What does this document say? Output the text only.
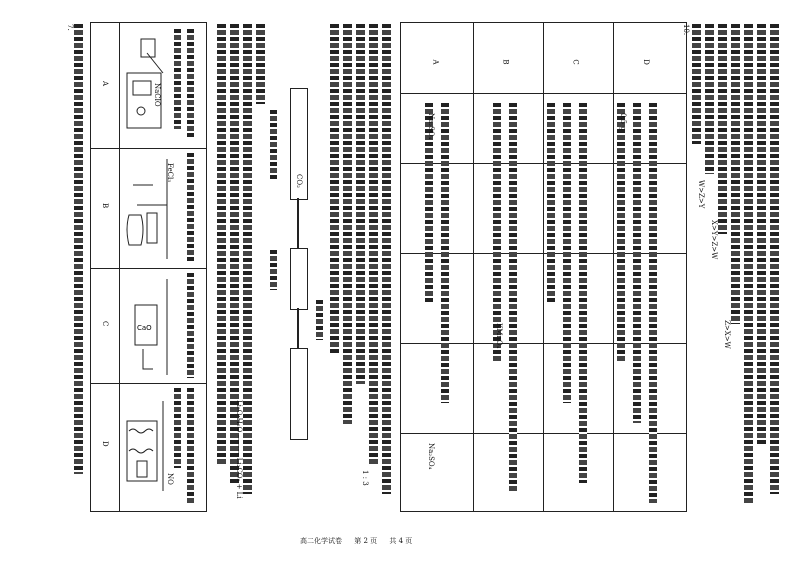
10.
W>Z>Y
X>Y>Z>W
Z>X>W
D
C
B
A
Na₂SO₄
KMnO₄
Na₂SO₄
0.5 g
1 : 3
CO₂
Li₂O·H₂O ——— Li₂CO₃ + Li
A
B
C
D
NaClO
FeCl₃
CaO
NO
7.
高二化学试卷 第 2 页 共 4 页
